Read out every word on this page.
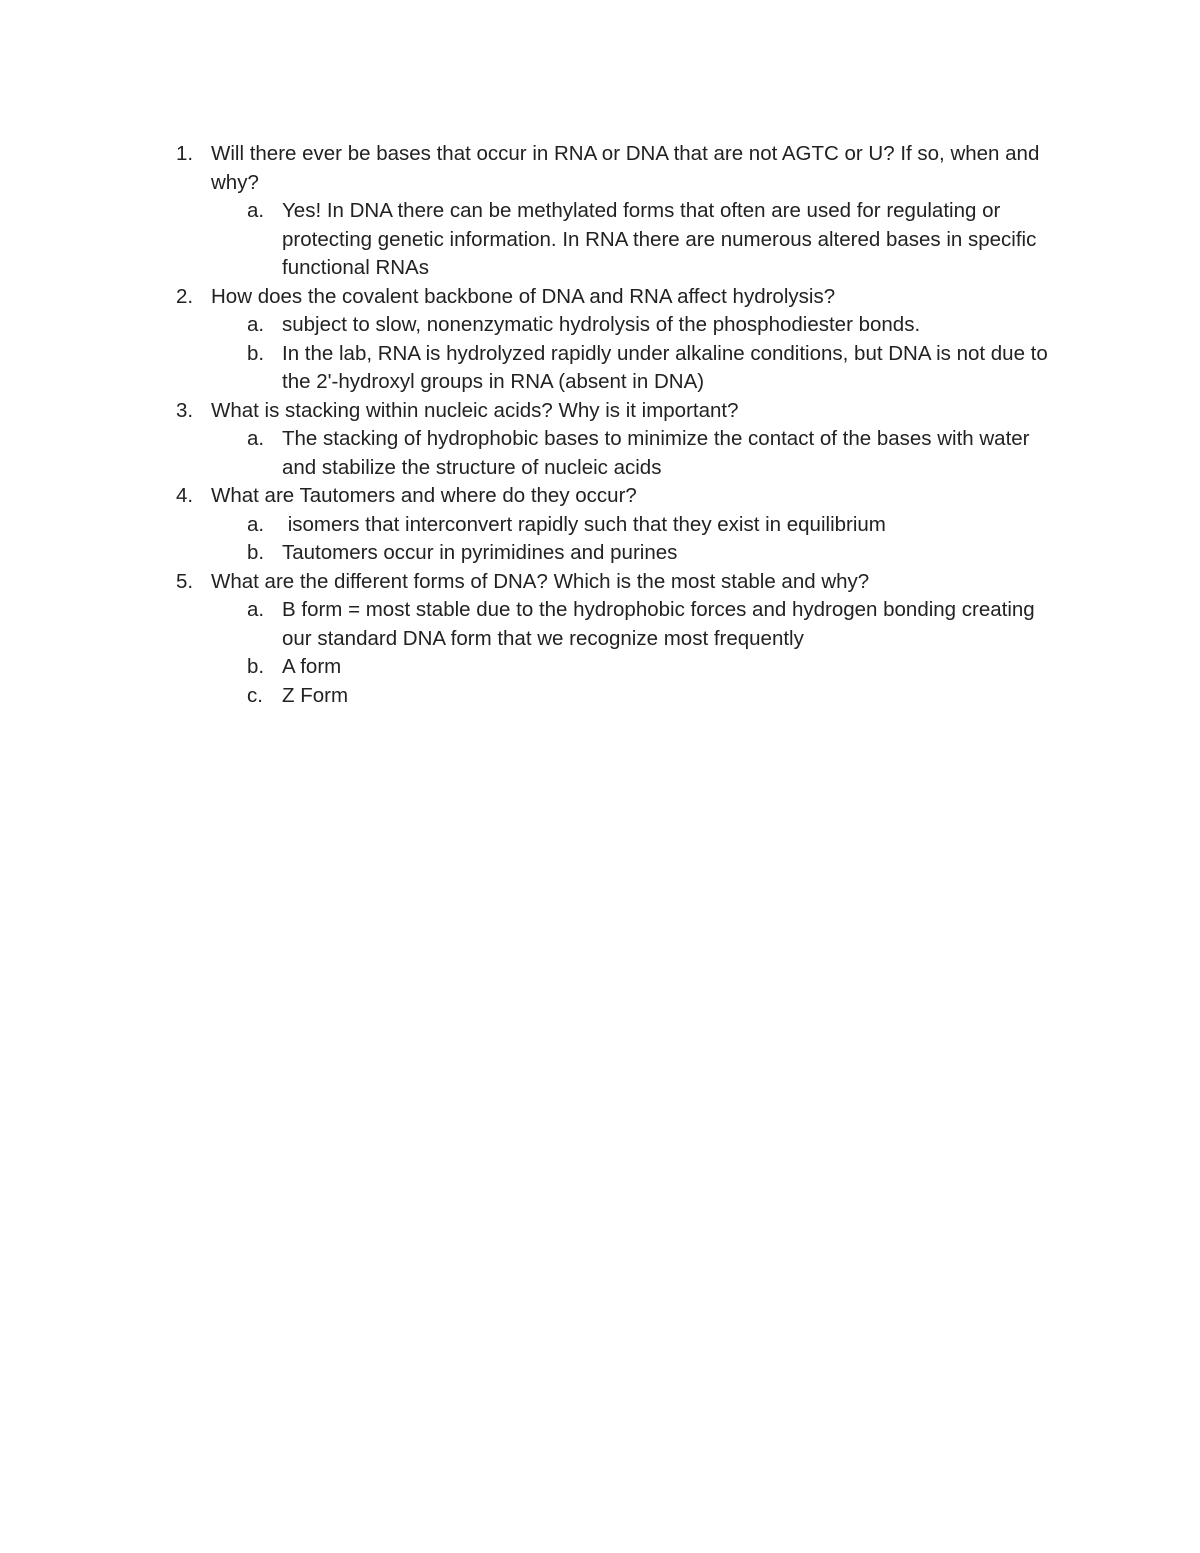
1. Will there ever be bases that occur in RNA or DNA that are not AGTC or U? If so, when and why?
a. Yes! In DNA there can be methylated forms that often are used for regulating or protecting genetic information. In RNA there are numerous altered bases in specific functional RNAs
2. How does the covalent backbone of DNA and RNA affect hydrolysis?
a. subject to slow, nonenzymatic hydrolysis of the phosphodiester bonds.
b. In the lab, RNA is hydrolyzed rapidly under alkaline conditions, but DNA is not due to the 2'-hydroxyl groups in RNA (absent in DNA)
3. What is stacking within nucleic acids? Why is it important?
a. The stacking of hydrophobic bases to minimize the contact of the bases with water and stabilize the structure of nucleic acids
4. What are Tautomers and where do they occur?
a. isomers that interconvert rapidly such that they exist in equilibrium
b. Tautomers occur in pyrimidines and purines
5. What are the different forms of DNA? Which is the most stable and why?
a. B form = most stable due to the hydrophobic forces and hydrogen bonding creating our standard DNA form that we recognize most frequently
b. A form
c. Z Form
